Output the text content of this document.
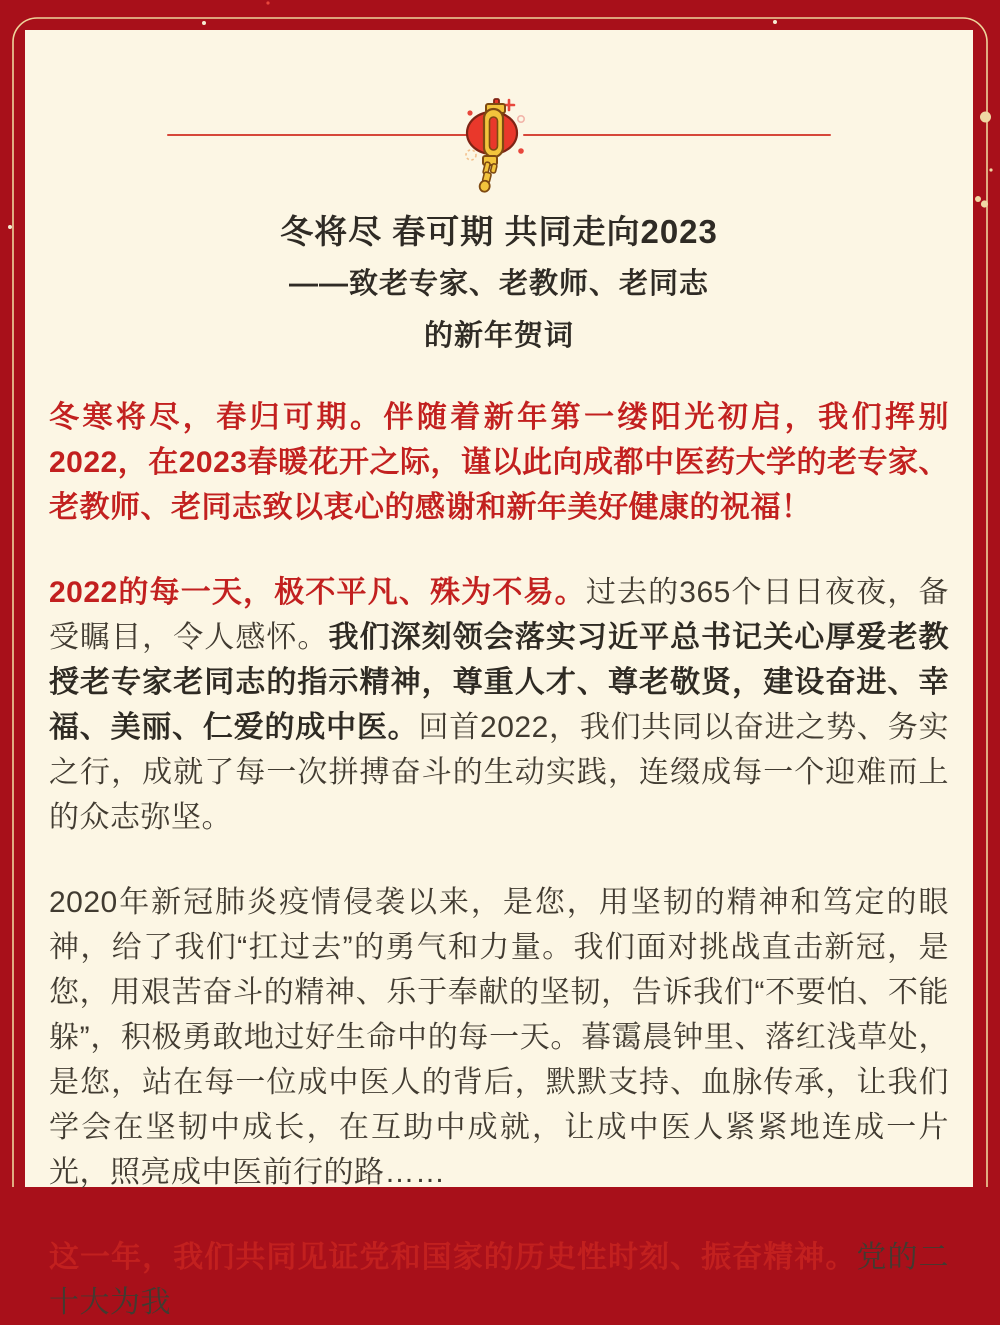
冬将尽 春可期 共同走向2023
——致老专家、老教师、老同志
的新年贺词

冬寒将尽，春归可期。伴随着新年第一缕阳光初启，我们挥别2022，在2023春暖花开之际，谨以此向成都中医药大学的老专家、老教师、老同志致以衷心的感谢和新年美好健康的祝福！

2022的每一天，极不平凡、殊为不易。过去的365个日日夜夜，备受瞩目，令人感怀。我们深刻领会落实习近平总书记关心厚爱老教授老专家老同志的指示精神，尊重人才、尊老敬贤，建设奋进、幸福、美丽、仁爱的成中医。回首2022，我们共同以奋进之势、务实之行，成就了每一次拼搏奋斗的生动实践，连缀成每一个迎难而上的众志弥坚。

2020年新冠肺炎疫情侵袭以来，是您，用坚韧的精神和笃定的眼神，给了我们“扛过去”的勇气和力量。我们面对挑战直击新冠，是您，用艰苦奋斗的精神、乐于奉献的坚韧，告诉我们“不要怕、不能躲”，积极勇敢地过好生命中的每一天。暮霭晨钟里、落红浅草处，是您，站在每一位成中医人的背后，默默支持、血脉传承，让我们学会在坚韧中成长，在互助中成就，让成中医人紧紧地连成一片光，照亮成中医前行的路……

这一年，我们共同见证党和国家的历史性时刻、振奋精神。党的二十大为我
